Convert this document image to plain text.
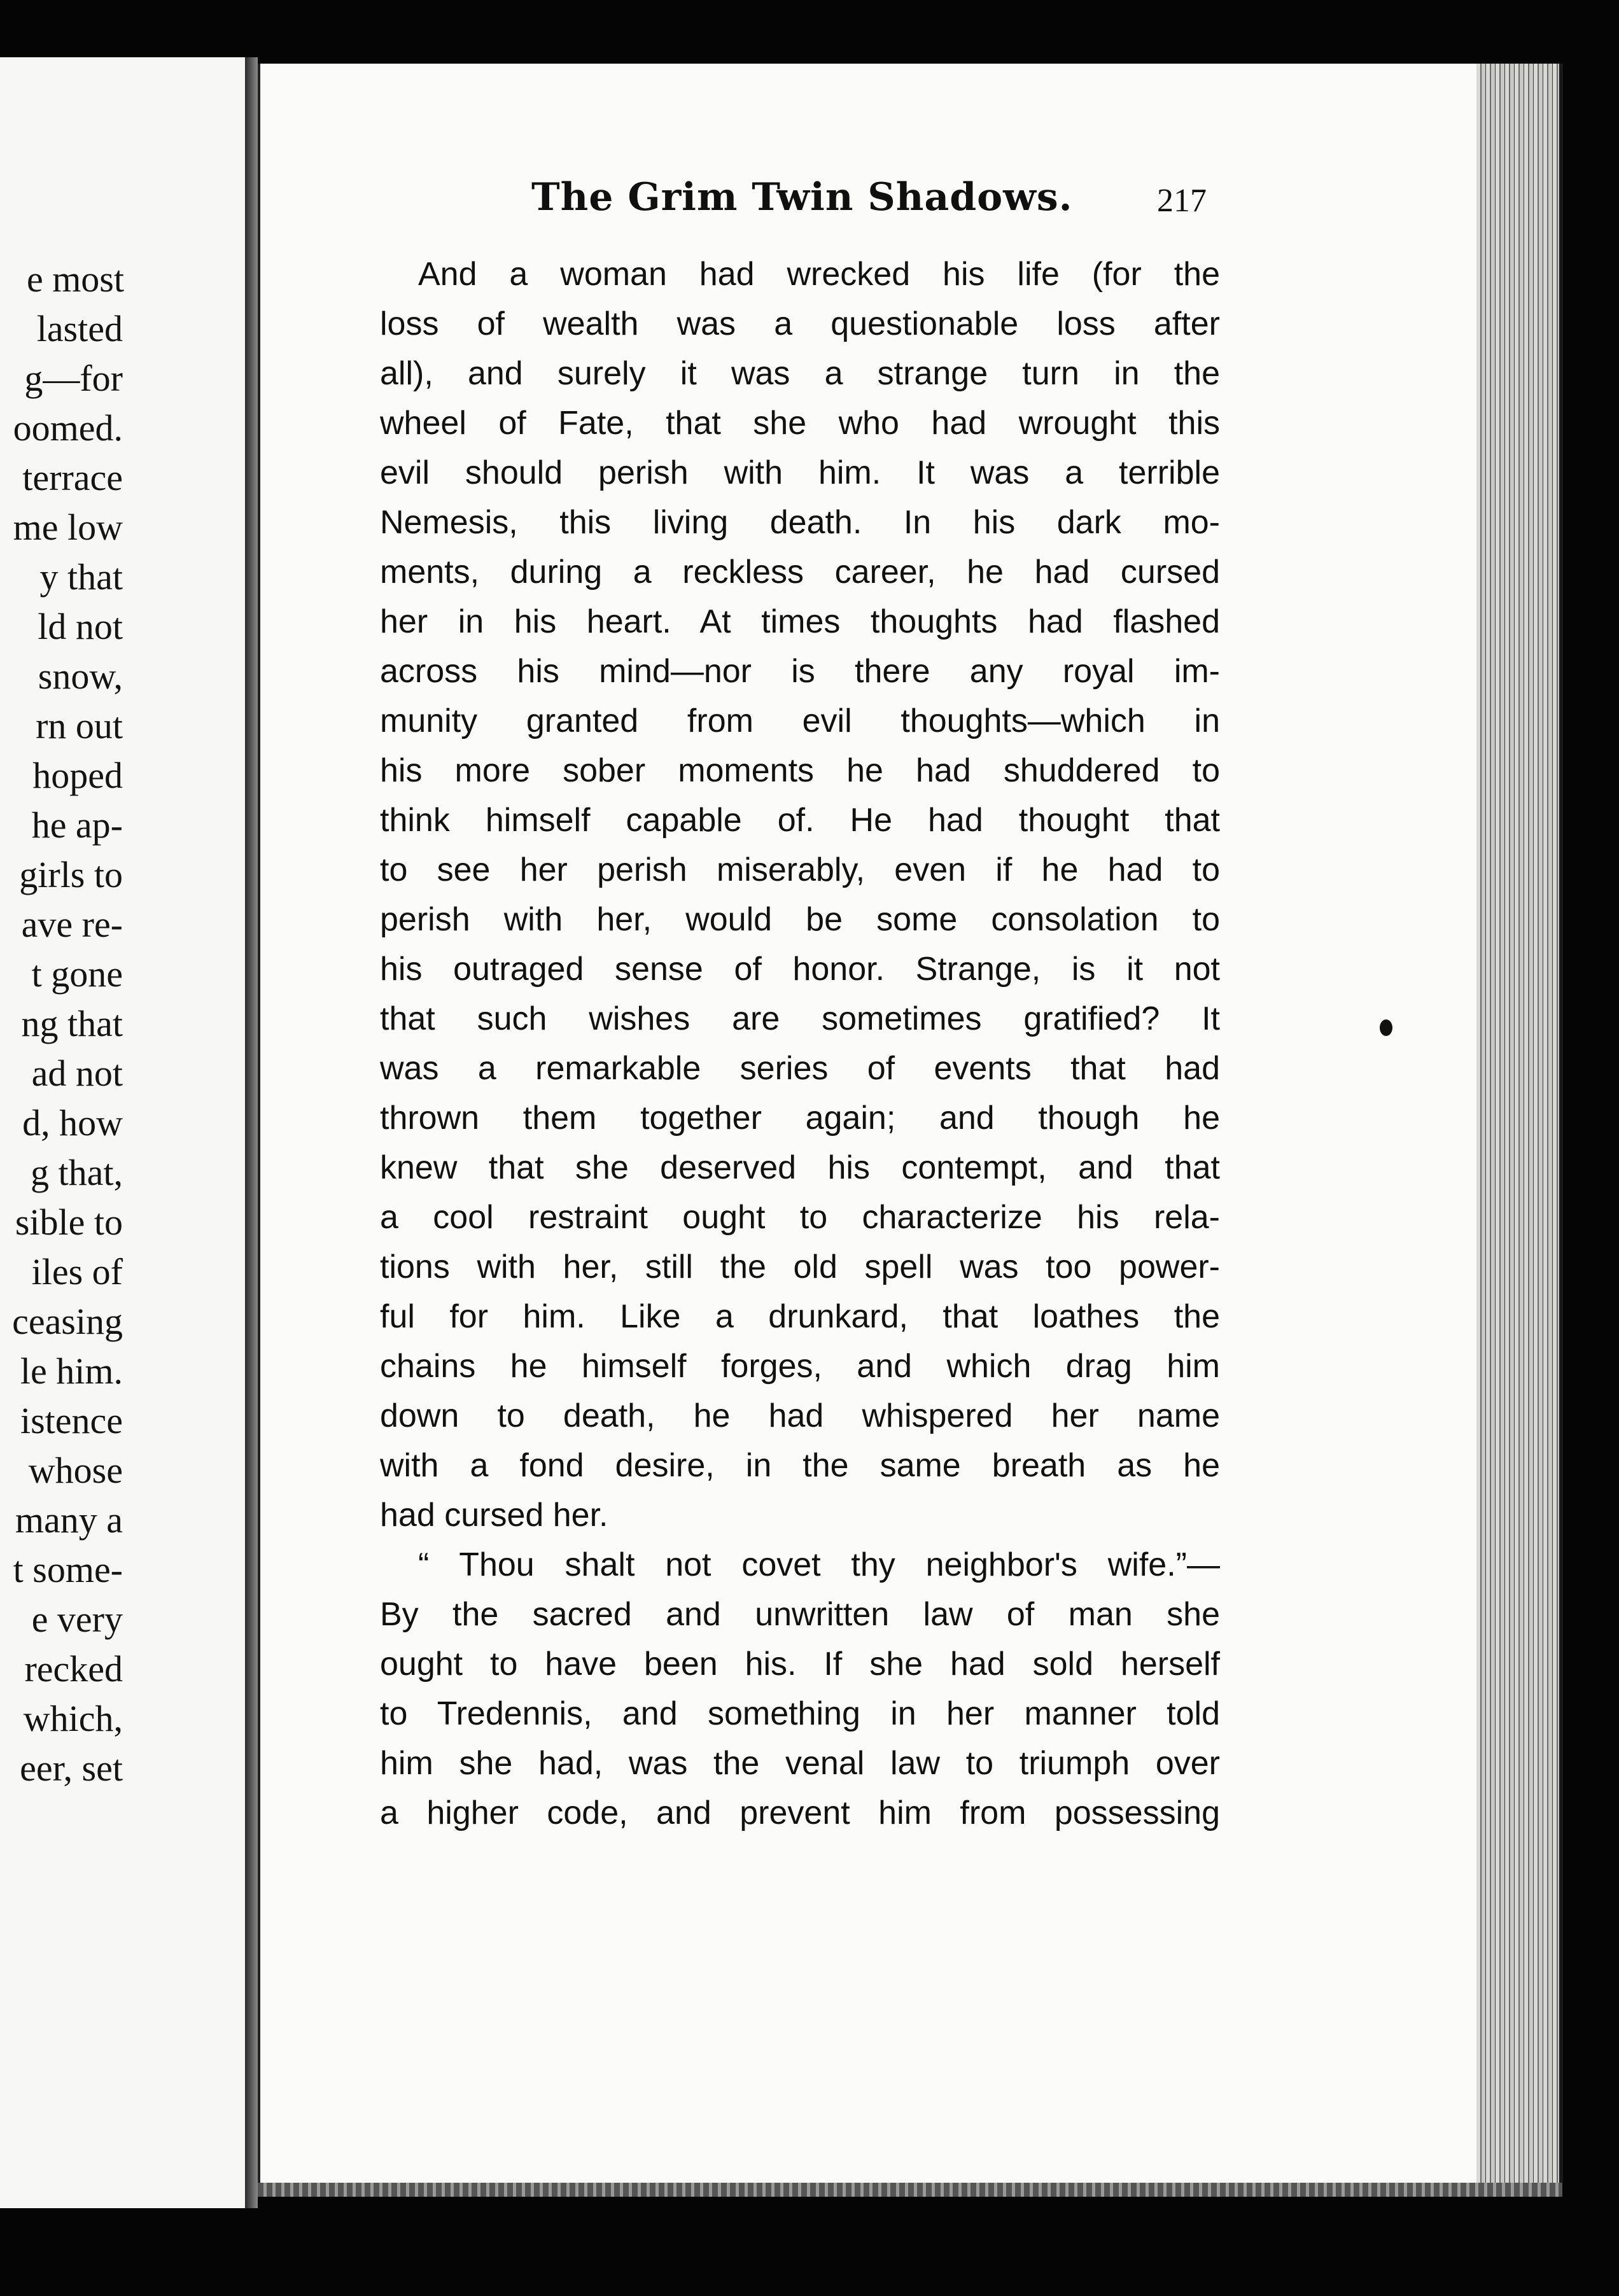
e most
lasted
g—for
oomed.
terrace
me low
y that
ld not
snow,
rn out
hoped
he ap-
girls to
ave re-
t gone
ng that
ad not
d, how
g that,
sible to
iles of
ceasing
le him.
istence
whose
many a
t some-
e very
recked
which,
eer, set
The Grim Twin Shadows.	217
And a woman had wrecked his life (for the
loss of wealth was a questionable loss after
all), and surely it was a strange turn in the
wheel of Fate, that she who had wrought this
evil should perish with him. It was a terrible
Nemesis, this living death. In his dark mo-
ments, during a reckless career, he had cursed
her in his heart. At times thoughts had flashed
across his mind—nor is there any royal im-
munity granted from evil thoughts—which in
his more sober moments he had shuddered to
think himself capable of. He had thought that
to see her perish miserably, even if he had to
perish with her, would be some consolation to
his outraged sense of honor. Strange, is it not
that such wishes are sometimes gratified? It
was a remarkable series of events that had
thrown them together again; and though he
knew that she deserved his contempt, and that
a cool restraint ought to characterize his rela-
tions with her, still the old spell was too power-
ful for him. Like a drunkard, that loathes the
chains he himself forges, and which drag him
down to death, he had whispered her name
with a fond desire, in the same breath as he
had cursed her.
“ Thou shalt not covet thy neighbor's wife.”—
By the sacred and unwritten law of man she
ought to have been his. If she had sold herself
to Tredennis, and something in her manner told
him she had, was the venal law to triumph over
a higher code, and prevent him from possessing
